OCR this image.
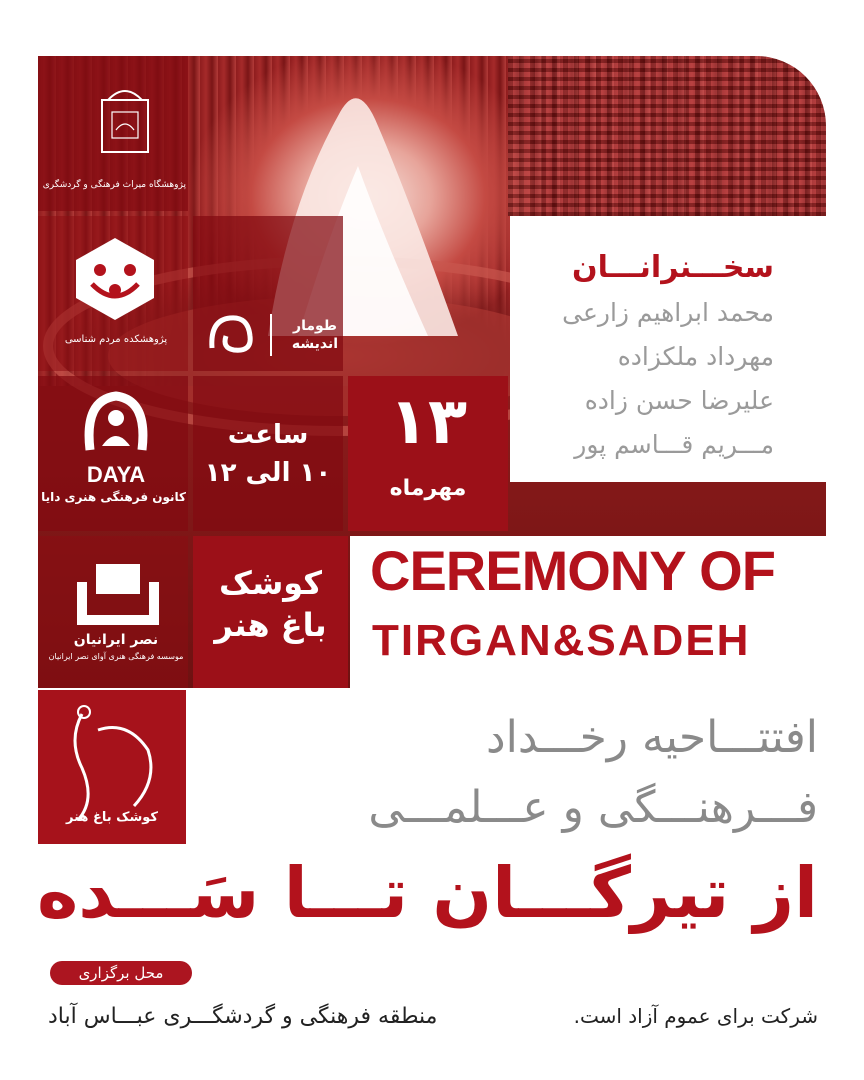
پژوهشگاه میراث فرهنگی و گردشگری
پژوهشکده مردم شناسی
طومار
اندیشه
DAYA
کانون فرهنگی هنری دایا
نصر ایرانیان
موسسه فرهنگی هنری آوای نصر ایرانیان
۱۳
مهرماه
ساعت
۱۰ الی ۱۲
کوشک
باغ هنر
سخـــنرانـــان
محمد ابراهیم زارعی
مهرداد ملکزاده
علیرضا حسن زاده
مـــریم قـــاسم پور
CEREMONY OF
TIRGAN&SADEH
کوشک باغ هنر
افتتـــاحیه رخـــداد
فـــرهنـــگی و عـــلمـــی
از تیرگـــان تـــا سَـــده
محل برگزاری
منطقه فرهنگی و گردشگـــری عبـــاس آباد	شرکت برای عموم آزاد است.
